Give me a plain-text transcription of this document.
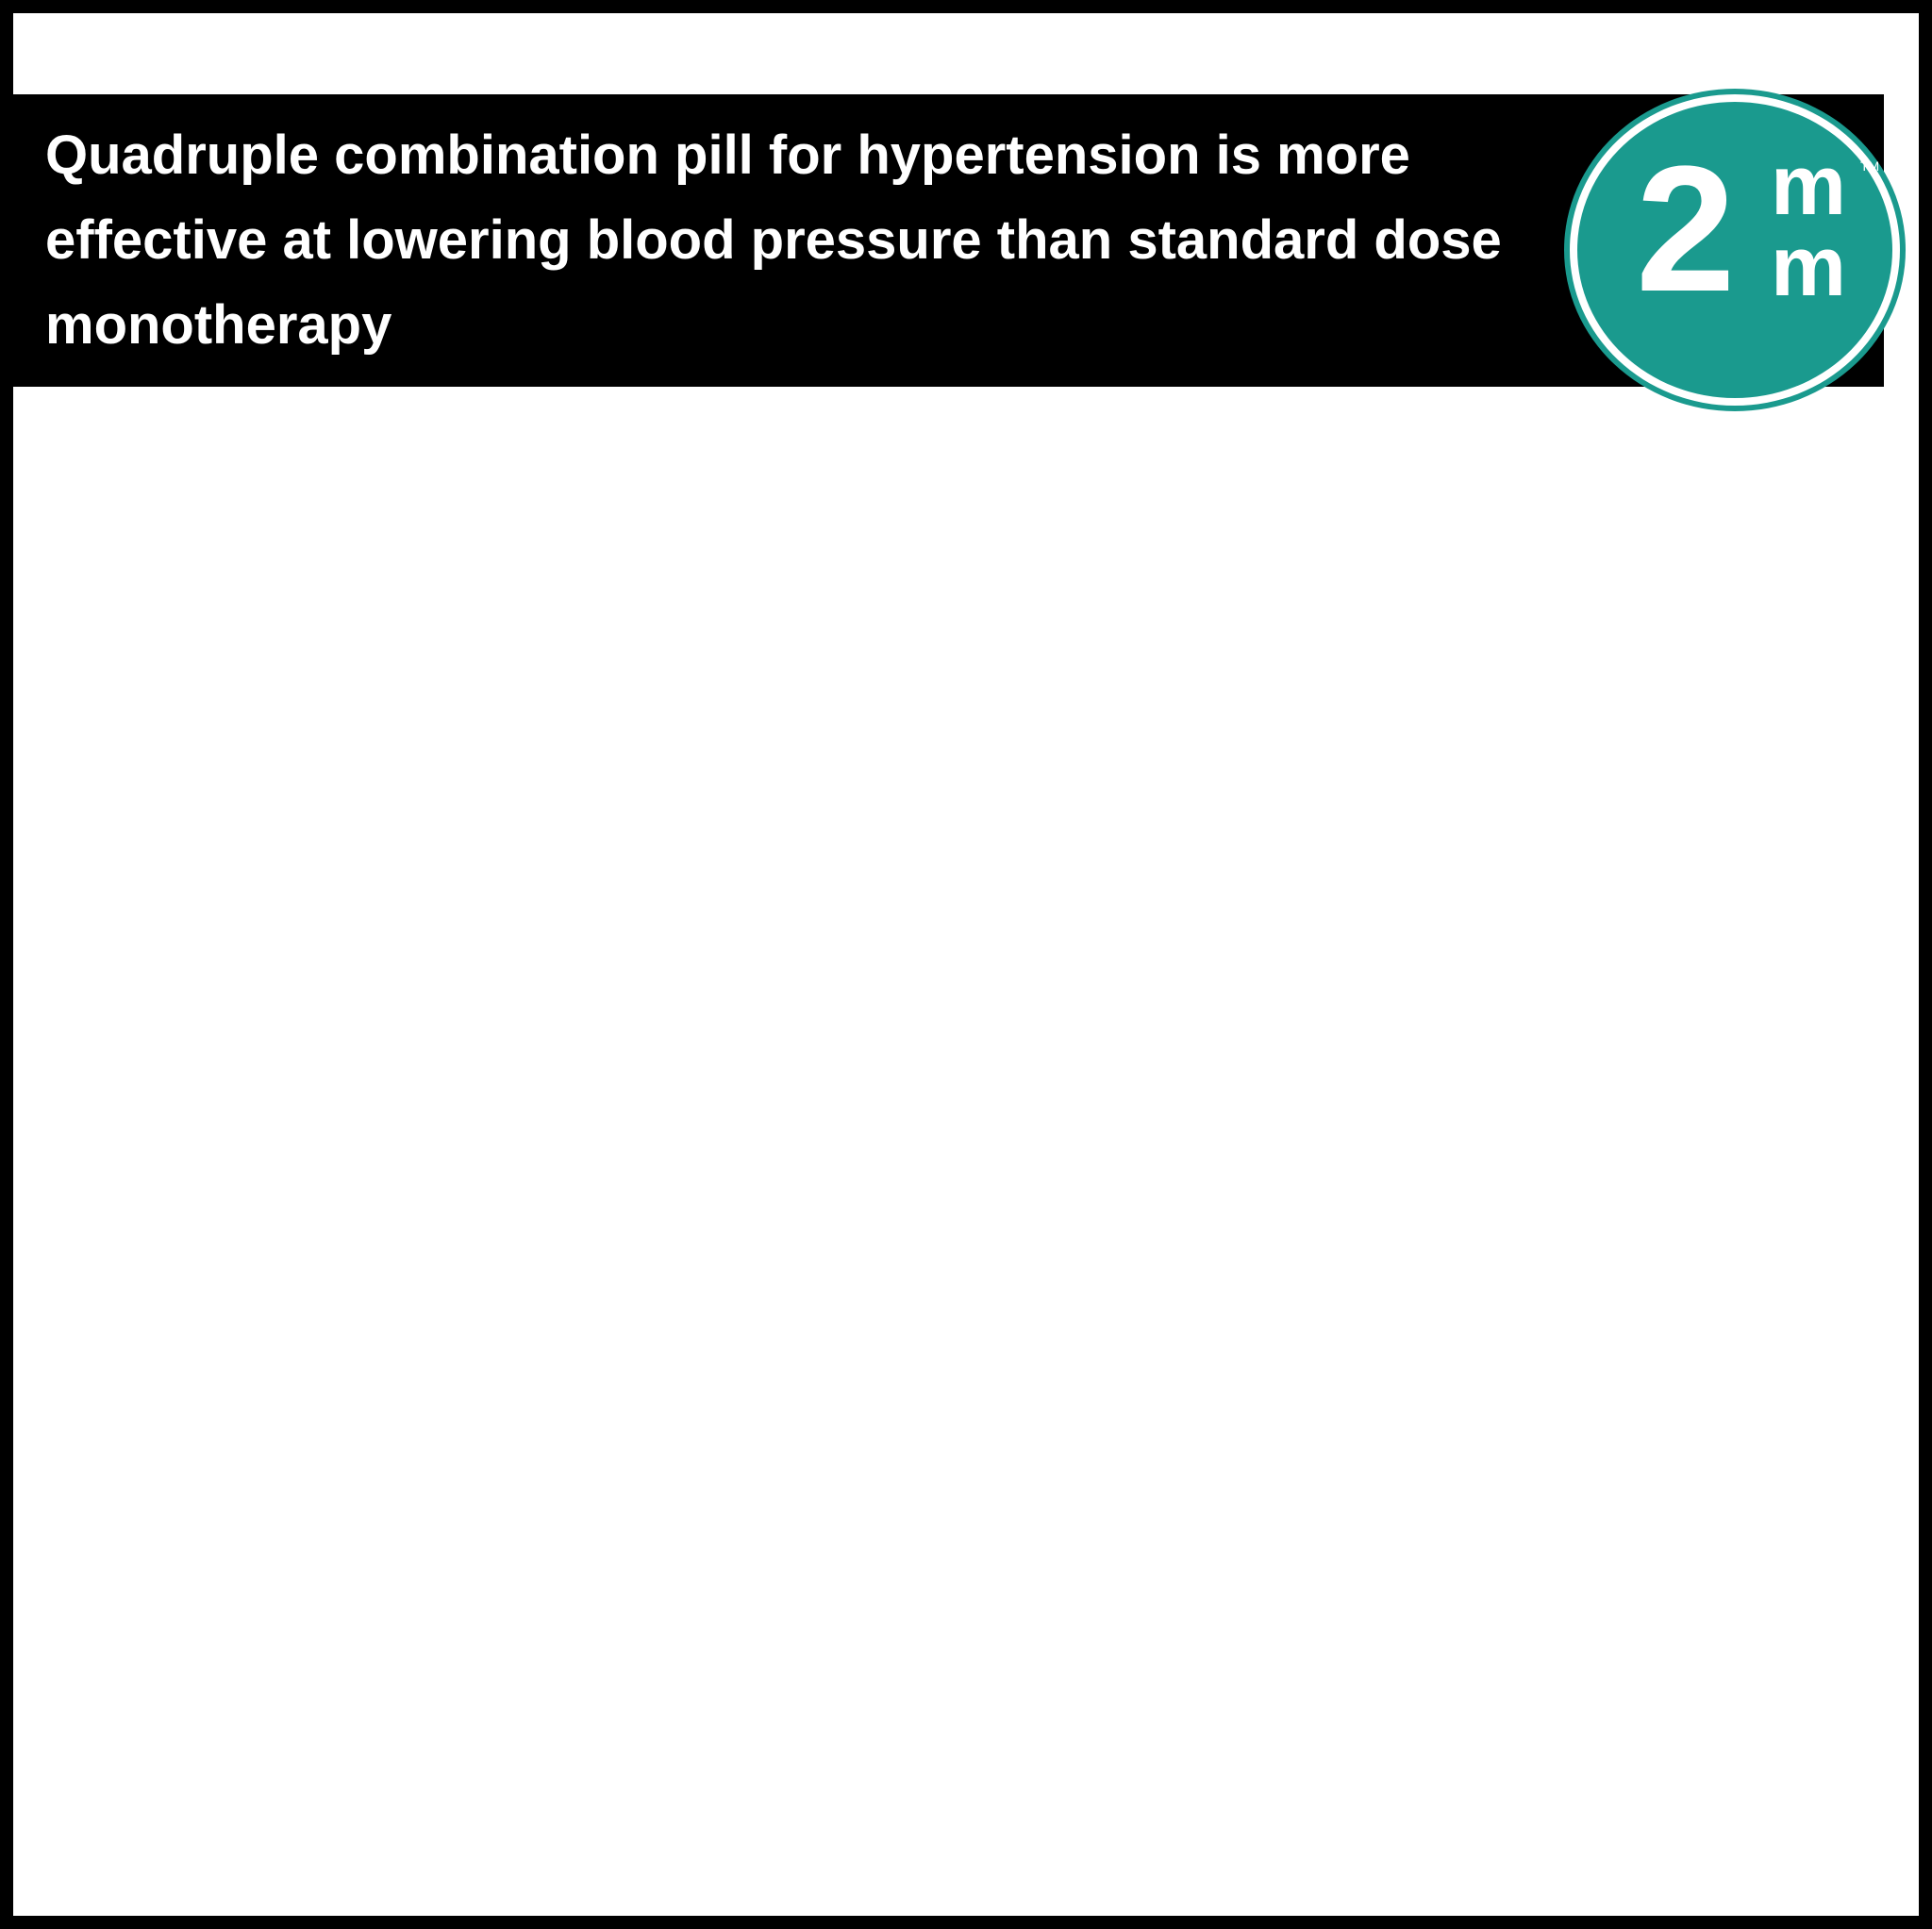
Quadruple combination pill for hypertension is more effective at lowering blood pressure than standard dose monotherapy	2 m
m
TM
